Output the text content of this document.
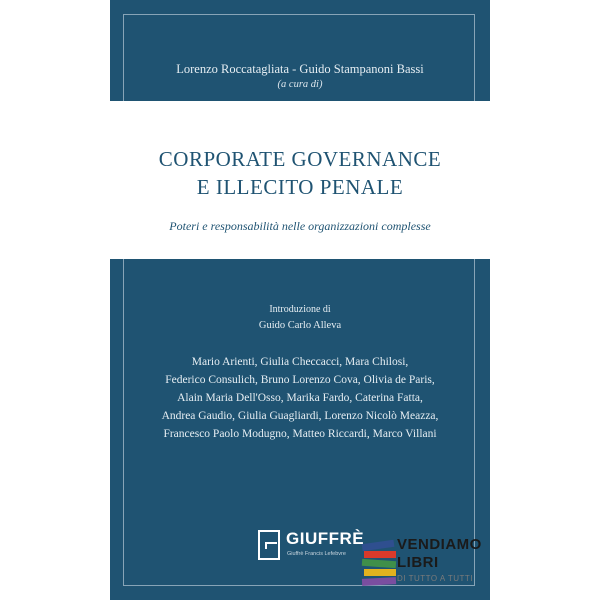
Lorenzo Roccatagliata - Guido Stampanoni Bassi
(a cura di)
CORPORATE GOVERNANCE
E ILLECITO PENALE
Poteri e responsabilità nelle organizzazioni complesse
Introduzione di
Guido Carlo Alleva
Mario Arienti, Giulia Checcacci, Mara Chilosi,
Federico Consulich, Bruno Lorenzo Cova, Olivia de Paris,
Alain Maria Dell'Osso, Marika Fardo, Caterina Fatta,
Andrea Gaudio, Giulia Guagliardi, Lorenzo Nicolò Meazza,
Francesco Paolo Modugno, Matteo Riccardi, Marco Villani
GIUFFRÈ
Giuffrè Francis Lefebvre
VENDIAMO
LIBRI
DI TUTTO A TUTTI
